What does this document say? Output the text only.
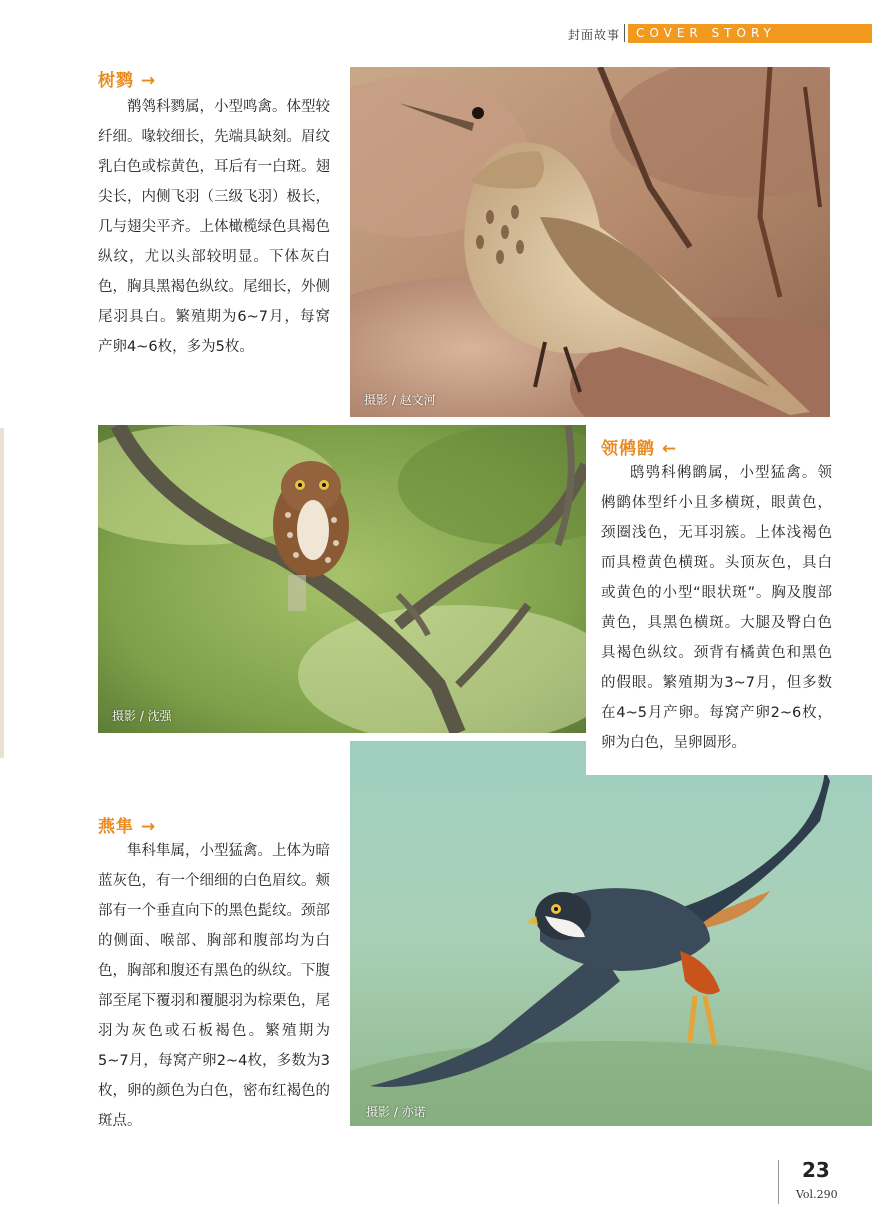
封面故事 COVER STORY
树鹨 →

鹡鸰科鹨属，小型鸣禽。体型较纤细。喙较细长，先端具缺刻。眉纹乳白色或棕黄色，耳后有一白斑。翅尖长，内侧飞羽（三级飞羽）极长，几与翅尖平齐。上体橄榄绿色具褐色纵纹，尤以头部较明显。下体灰白色，胸具黑褐色纵纹。尾细长，外侧尾羽具白。繁殖期为6~7月，每窝产卵4~6枚，多为5枚。

摄影 / 赵文河
摄影 / 沈强
摄影 / 亦诺
领鸺鹠 ←

鸱鸮科鸺鹠属，小型猛禽。领鸺鹠体型纤小且多横斑，眼黄色，颈圈浅色，无耳羽簇。上体浅褐色而具橙黄色横斑。头顶灰色，具白或黄色的小型“眼状斑”。胸及腹部黄色，具黑色横斑。大腿及臀白色具褐色纵纹。颈背有橘黄色和黑色的假眼。繁殖期为3~7月，但多数在4~5月产卵。每窝产卵2~6枚，卵为白色，呈卵圆形。

燕隼 →

隼科隼属，小型猛禽。上体为暗蓝灰色，有一个细细的白色眉纹。颊部有一个垂直向下的黑色髭纹。颈部的侧面、喉部、胸部和腹部均为白色，胸部和腹还有黑色的纵纹。下腹部至尾下覆羽和覆腿羽为棕栗色，尾羽为灰色或石板褐色。繁殖期为5~7月，每窝产卵2~4枚，多数为3枚，卵的颜色为白色，密布红褐色的斑点。

23
Vol.290
